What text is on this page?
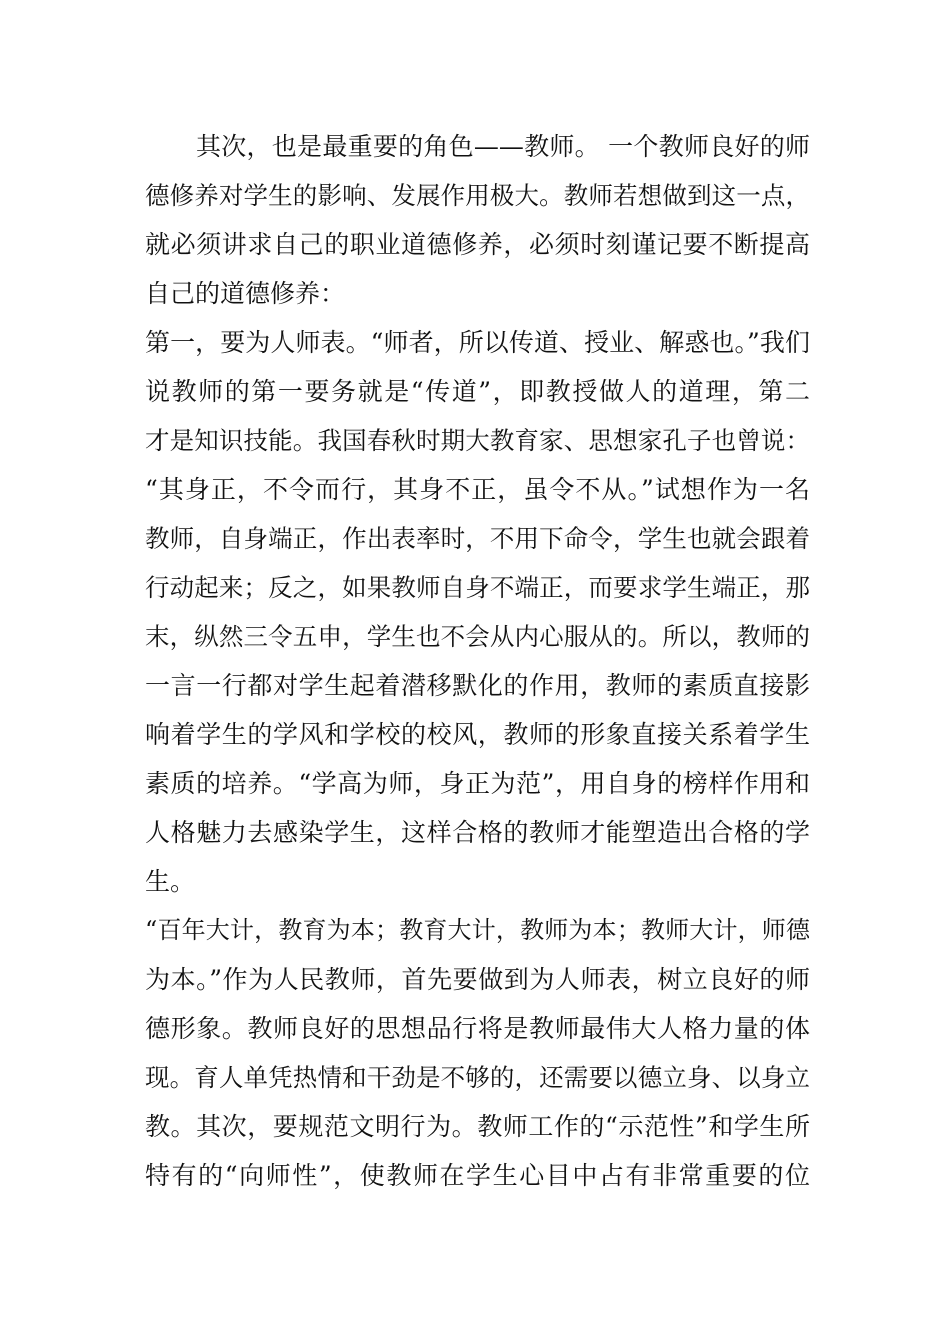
其次，也是最重要的角色——教师。 一个教师良好的师
德修养对学生的影响、发展作用极大。教师若想做到这一点，
就必须讲求自己的职业道德修养，必须时刻谨记要不断提高
自己的道德修养：
第一，要为人师表。“师者，所以传道、授业、解惑也。”我们
说教师的第一要务就是“传道”，即教授做人的道理，第二
才是知识技能。我国春秋时期大教育家、思想家孔子也曾说：
“其身正，不令而行，其身不正，虽令不从。”试想作为一名
教师，自身端正，作出表率时，不用下命令，学生也就会跟着
行动起来；反之，如果教师自身不端正，而要求学生端正，那
末，纵然三令五申，学生也不会从内心服从的。所以，教师的
一言一行都对学生起着潜移默化的作用，教师的素质直接影
响着学生的学风和学校的校风，教师的形象直接关系着学生
素质的培养。“学高为师，身正为范”，用自身的榜样作用和
人格魅力去感染学生，这样合格的教师才能塑造出合格的学
生。
“百年大计，教育为本；教育大计，教师为本；教师大计，师德
为本。”作为人民教师，首先要做到为人师表，树立良好的师
德形象。教师良好的思想品行将是教师最伟大人格力量的体
现。育人单凭热情和干劲是不够的，还需要以德立身、以身立
教。其次，要规范文明行为。教师工作的“示范性”和学生所
特有的“向师性”，使教师在学生心目中占有非常重要的位
